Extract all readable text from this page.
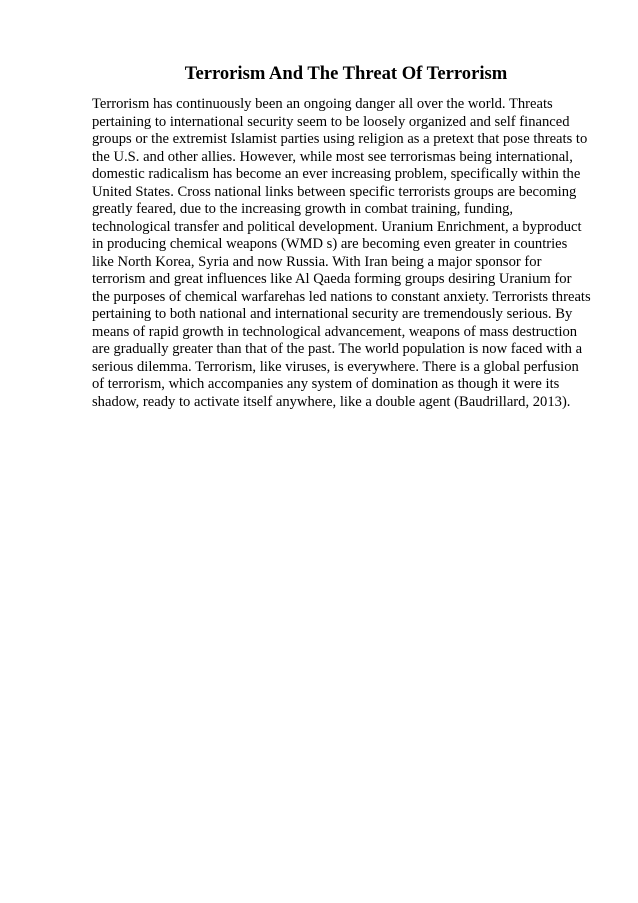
Terrorism And The Threat Of Terrorism
Terrorism has continuously been an ongoing danger all over the world. Threats
pertaining to international security seem to be loosely organized and self financed
groups or the extremist Islamist parties using religion as a pretext that pose threats to
the U.S. and other allies. However, while most see terrorismas being international,
domestic radicalism has become an ever increasing problem, specifically within the
United States. Cross national links between specific terrorists groups are becoming
greatly feared, due to the increasing growth in combat training, funding,
technological transfer and political development. Uranium Enrichment, a byproduct
in producing chemical weapons (WMD s) are becoming even greater in countries
like North Korea, Syria and now Russia. With Iran being a major sponsor for
terrorism and great influences like Al Qaeda forming groups desiring Uranium for
the purposes of chemical warfarehas led nations to constant anxiety. Terrorists threats
pertaining to both national and international security are tremendously serious. By
means of rapid growth in technological advancement, weapons of mass destruction
are gradually greater than that of the past. The world population is now faced with a
serious dilemma. Terrorism, like viruses, is everywhere. There is a global perfusion
of terrorism, which accompanies any system of domination as though it were its
shadow, ready to activate itself anywhere, like a double agent (Baudrillard, 2013).
